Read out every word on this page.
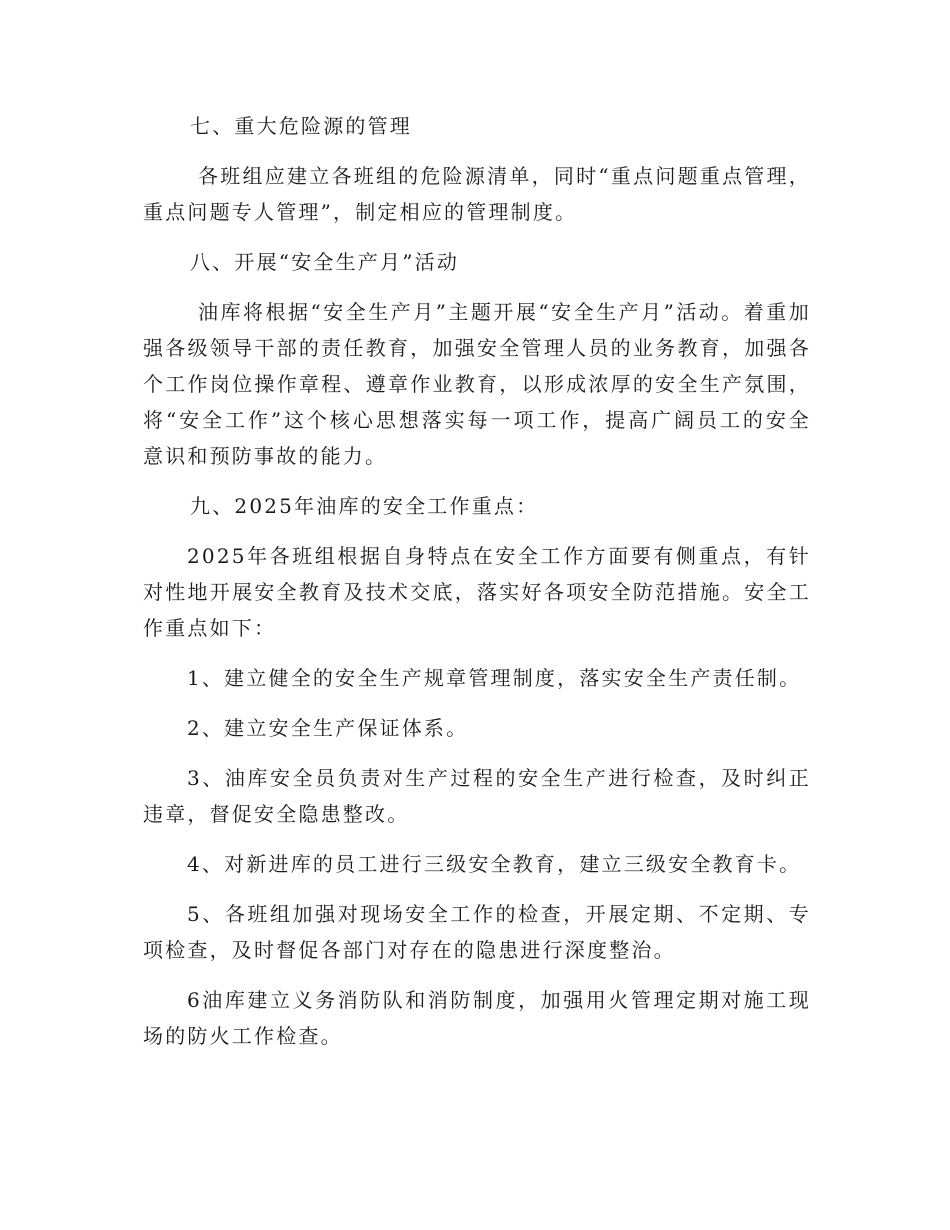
七、重大危险源的管理

各班组应建立各班组的危险源清单，同时“重点问题重点管理，重点问题专人管理”，制定相应的管理制度。

八、开展“安全生产月”活动

油库将根据“安全生产月”主题开展“安全生产月”活动。着重加强各级领导干部的责任教育，加强安全管理人员的业务教育，加强各个工作岗位操作章程、遵章作业教育，以形成浓厚的安全生产氛围，将“安全工作”这个核心思想落实每一项工作，提高广阔员工的安全意识和预防事故的能力。

九、2025年油库的安全工作重点：

2025年各班组根据自身特点在安全工作方面要有侧重点，有针对性地开展安全教育及技术交底，落实好各项安全防范措施。安全工作重点如下：

1、建立健全的安全生产规章管理制度，落实安全生产责任制。

2、建立安全生产保证体系。

3、油库安全员负责对生产过程的安全生产进行检查，及时纠正违章，督促安全隐患整改。

4、对新进库的员工进行三级安全教育，建立三级安全教育卡。

5、各班组加强对现场安全工作的检查，开展定期、不定期、专项检查，及时督促各部门对存在的隐患进行深度整治。

6油库建立义务消防队和消防制度，加强用火管理定期对施工现场的防火工作检查。
